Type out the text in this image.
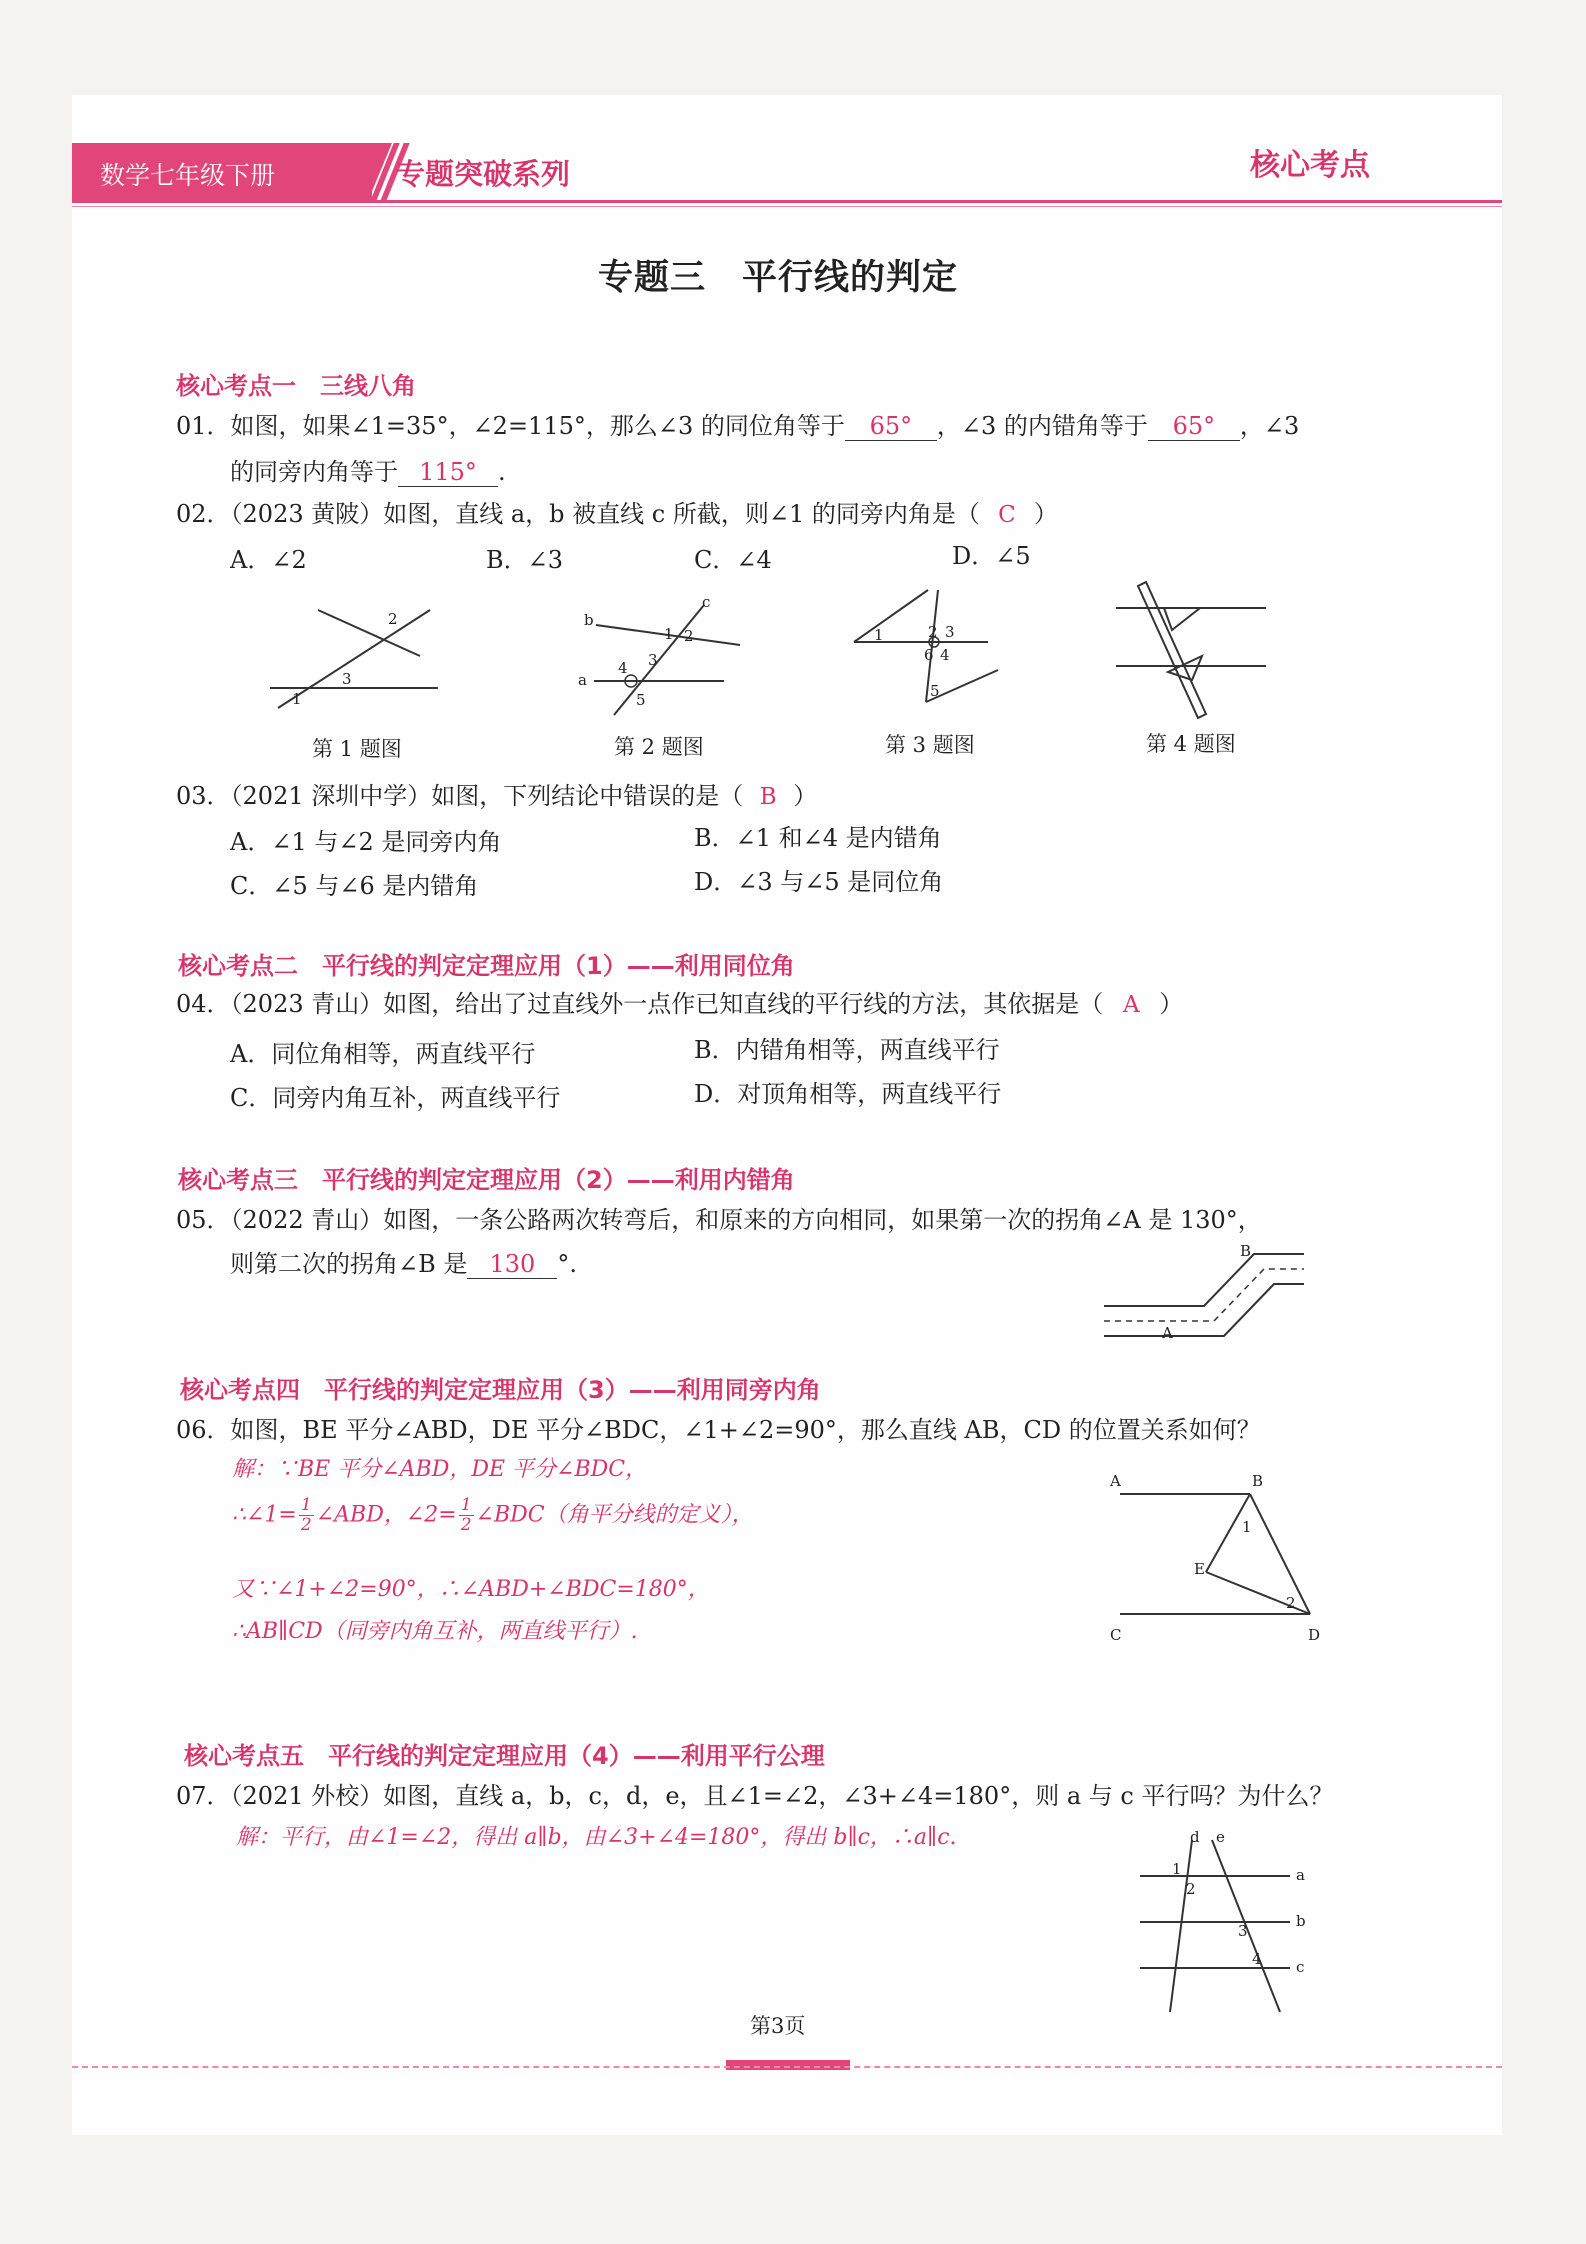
数学七年级下册	专题突破系列	核心考点
专题三　平行线的判定
核心考点一　三线八角
01．如图，如果∠1=35°，∠2=115°，那么∠3 的同位角等于 65° ，∠3 的内错角等于 65° ，∠3
的同旁内角等于 115° .
02．（2023 黄陂）如图，直线 a，b 被直线 c 所截，则∠1 的同旁内角是（ C ）
A．∠2	B．∠3	C．∠4	D．∠5
2
3
1
第 1 题图
b
a
c
2
1
3
4
5
第 2 题图
1	2 3
6 4
5
第 3 题图	第 4 题图
03．（2021 深圳中学）如图，下列结论中错误的是（ B ）
A．∠1 与∠2 是同旁内角	B．∠1 和∠4 是内错角
C．∠5 与∠6 是内错角	D．∠3 与∠5 是同位角
核心考点二　平行线的判定定理应用（1）——利用同位角
04．（2023 青山）如图，给出了过直线外一点作已知直线的平行线的方法，其依据是（ A ）
A．同位角相等，两直线平行	B．内错角相等，两直线平行
C．同旁内角互补，两直线平行	D．对顶角相等，两直线平行
核心考点三　平行线的判定定理应用（2）——利用内错角
05．（2022 青山）如图，一条公路两次转弯后，和原来的方向相同，如果第一次的拐角∠A 是 130°，
则第二次的拐角∠B 是 130 °.	B
A
核心考点四　平行线的判定定理应用（3）——利用同旁内角
06．如图，BE 平分∠ABD，DE 平分∠BDC，∠1+∠2=90°，那么直线 AB，CD 的位置关系如何？
解：∵BE 平分∠ABD，DE 平分∠BDC，
∴∠1= $\frac{1}{2}$ ∠ABD，∠2= $\frac{1}{2}$ ∠BDC（角平分线的定义），
又∵∠1+∠2=90°，∴∠ABD+∠BDC=180°，
∴AB∥CD（同旁内角互补，两直线平行）.
A	B
C	D
E
1
2
核心考点五　平行线的判定定理应用（4）——利用平行公理
07．（2021 外校）如图，直线 a，b，c，d，e，且∠1=∠2，∠3+∠4=180°，则 a 与 c 平行吗？为什么？
解：平行，由∠1=∠2，得出 a∥b，由∠3+∠4=180°，得出 b∥c，∴a∥c.	d e
a
b
c
1
2
3
4
第3页
